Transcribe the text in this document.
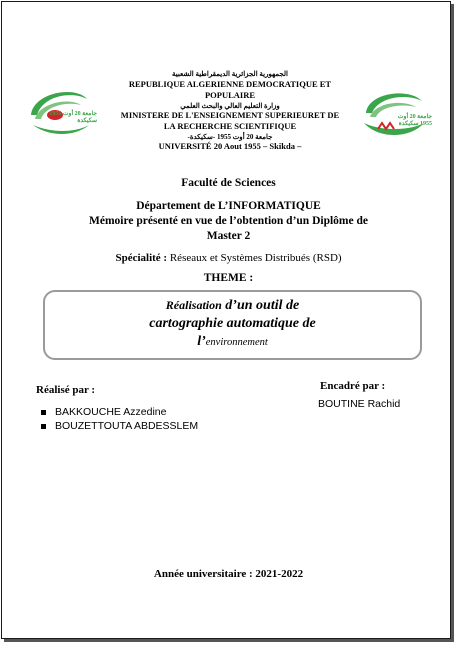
جامعة 20 أوت 1955 سكيكدة
جامعة 20 أوت 1955 سكيكدة
الجمهورية الجزائرية الديمقراطية الشعبية
REPUBLIQUE ALGERIENNE DEMOCRATIQUE ET
POPULAIRE
وزارة التعليم العالي والبحث العلمي
MINISTERE DE L'ENSEIGNEMENT SUPERIEURET DE
LA RECHERCHE SCIENTIFIQUE
جامعة 20 أوت 1955 -سكيكدة-
UNIVERSITÉ 20 Aout 1955 – Skikda –
Faculté de Sciences
Département de L’INFORMATIQUE
Mémoire présenté en vue de l’obtention d’un Diplôme de
Master 2
Spécialité : Réseaux et Systèmes Distribués (RSD)
THEME :
Réalisation d’un outil de
cartographie automatique de
l’environnement
Réalisé par :
BAKKOUCHE Azzedine
BOUZETTOUTA ABDESSLEM
Encadré par :
BOUTINE Rachid
Année universitaire : 2021-2022
